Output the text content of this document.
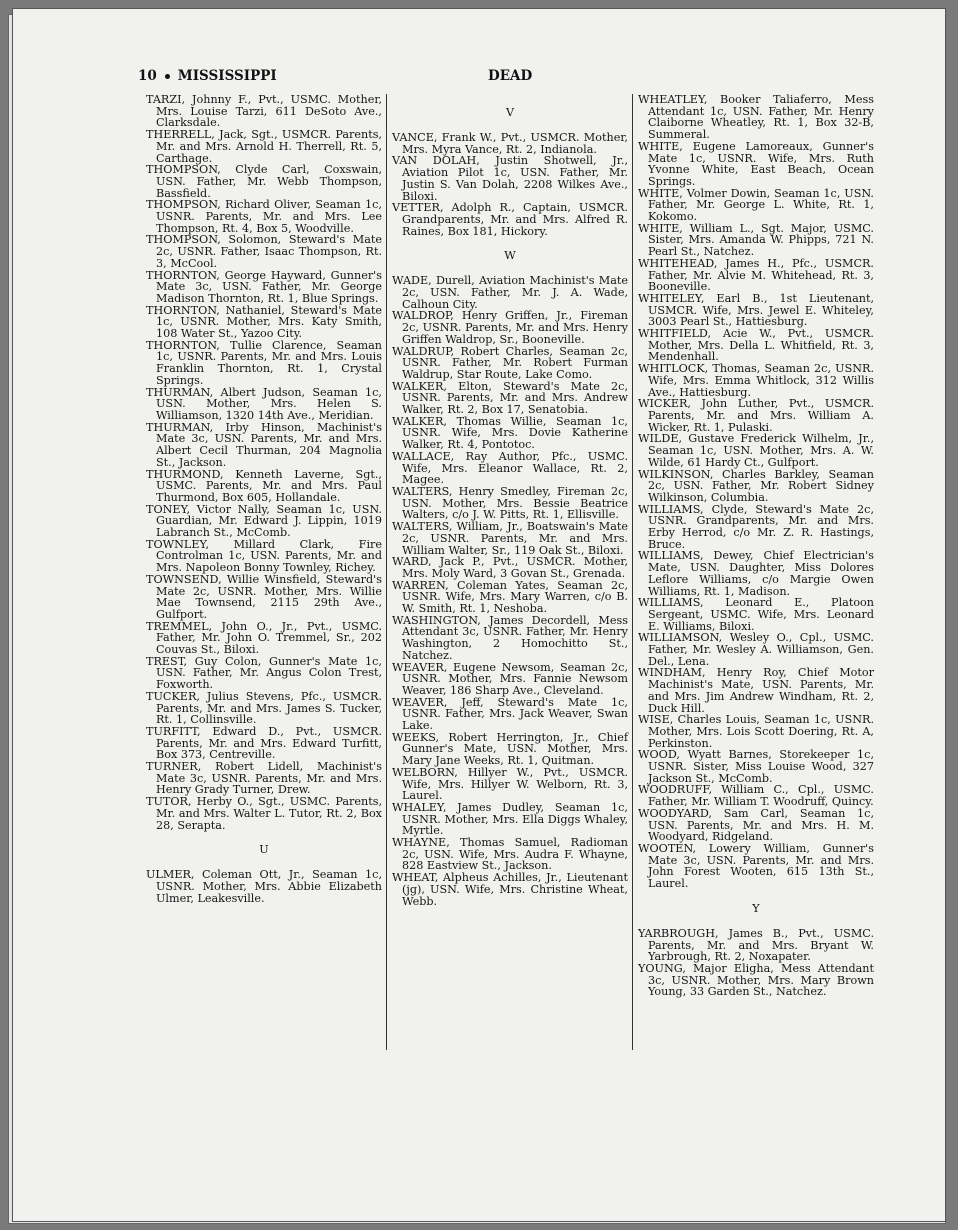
10 MISSISSIPPI	DEAD

TARZI, Johnny F., Pvt., USMC. Mother, Mrs. Louise Tarzi, 611 DeSoto Ave., Clarksdale.

THERRELL, Jack, Sgt., USMCR. Parents, Mr. and Mrs. Arnold H. Therrell, Rt. 5, Carthage.

THOMPSON, Clyde Carl, Coxswain, USN. Father, Mr. Webb Thompson, Bassfield.

THOMPSON, Richard Oliver, Seaman 1c, USNR. Parents, Mr. and Mrs. Lee Thompson, Rt. 4, Box 5, Woodville.

THOMPSON, Solomon, Steward's Mate 2c, USNR. Father, Isaac Thompson, Rt. 3, McCool.

THORNTON, George Hayward, Gunner's Mate 3c, USN. Father, Mr. George Madison Thornton, Rt. 1, Blue Springs.

THORNTON, Nathaniel, Steward's Mate 1c, USNR. Mother, Mrs. Katy Smith, 108 Water St., Yazoo City.

THORNTON, Tullie Clarence, Seaman 1c, USNR. Parents, Mr. and Mrs. Louis Franklin Thornton, Rt. 1, Crystal Springs.

THURMAN, Albert Judson, Seaman 1c, USN. Mother, Mrs. Helen S. Williamson, 1320 14th Ave., Meridian.

THURMAN, Irby Hinson, Machinist's Mate 3c, USN. Parents, Mr. and Mrs. Albert Cecil Thurman, 204 Magnolia St., Jackson.

THURMOND, Kenneth Laverne, Sgt., USMC. Parents, Mr. and Mrs. Paul Thurmond, Box 605, Hollandale.

TONEY, Victor Nally, Seaman 1c, USN. Guardian, Mr. Edward J. Lippin, 1019 Labranch St., McComb.

TOWNLEY, Millard Clark, Fire Controlman 1c, USN. Parents, Mr. and Mrs. Napoleon Bonny Townley, Richey.

TOWNSEND, Willie Winsfield, Steward's Mate 2c, USNR. Mother, Mrs. Willie Mae Townsend, 2115 29th Ave., Gulfport.

TREMMEL, John O., Jr., Pvt., USMC. Father, Mr. John O. Tremmel, Sr., 202 Couvas St., Biloxi.

TREST, Guy Colon, Gunner's Mate 1c, USN. Father, Mr. Angus Colon Trest, Foxworth.

TUCKER, Julius Stevens, Pfc., USMCR. Parents, Mr. and Mrs. James S. Tucker, Rt. 1, Collinsville.

TURFITT, Edward D., Pvt., USMCR. Parents, Mr. and Mrs. Edward Turfitt, Box 373, Centreville.

TURNER, Robert Lidell, Machinist's Mate 3c, USNR. Parents, Mr. and Mrs. Henry Grady Turner, Drew.

TUTOR, Herby O., Sgt., USMC. Parents, Mr. and Mrs. Walter L. Tutor, Rt. 2, Box 28, Serapta.

U

ULMER, Coleman Ott, Jr., Seaman 1c, USNR. Mother, Mrs. Abbie Elizabeth Ulmer, Leakesville.

V

VANCE, Frank W., Pvt., USMCR. Mother, Mrs. Myra Vance, Rt. 2, Indianola.

VAN DOLAH, Justin Shotwell, Jr., Aviation Pilot 1c, USN. Father, Mr. Justin S. Van Dolah, 2208 Wilkes Ave., Biloxi.

VETTER, Adolph R., Captain, USMCR. Grandparents, Mr. and Mrs. Alfred R. Raines, Box 181, Hickory.

W

WADE, Durell, Aviation Machinist's Mate 2c, USN. Father, Mr. J. A. Wade, Calhoun City.

WALDROP, Henry Griffen, Jr., Fireman 2c, USNR. Parents, Mr. and Mrs. Henry Griffen Waldrop, Sr., Booneville.

WALDRUP, Robert Charles, Seaman 2c, USNR. Father, Mr. Robert Furman Waldrup, Star Route, Lake Como.

WALKER, Elton, Steward's Mate 2c, USNR. Parents, Mr. and Mrs. Andrew Walker, Rt. 2, Box 17, Senatobia.

WALKER, Thomas Willie, Seaman 1c, USNR. Wife, Mrs. Dovie Katherine Walker, Rt. 4, Pontotoc.

WALLACE, Ray Author, Pfc., USMC. Wife, Mrs. Eleanor Wallace, Rt. 2, Magee.

WALTERS, Henry Smedley, Fireman 2c, USN. Mother, Mrs. Bessie Beatrice Walters, c/o J. W. Pitts, Rt. 1, Ellisville.

WALTERS, William, Jr., Boatswain's Mate 2c, USNR. Parents, Mr. and Mrs. William Walter, Sr., 119 Oak St., Biloxi.

WARD, Jack P., Pvt., USMCR. Mother, Mrs. Moly Ward, 3 Govan St., Grenada.

WARREN, Coleman Yates, Seaman 2c, USNR. Wife, Mrs. Mary Warren, c/o B. W. Smith, Rt. 1, Neshoba.

WASHINGTON, James Decordell, Mess Attendant 3c, USNR. Father, Mr. Henry Washington, 2 Homochitto St., Natchez.

WEAVER, Eugene Newsom, Seaman 2c, USNR. Mother, Mrs. Fannie Newsom Weaver, 186 Sharp Ave., Cleveland.

WEAVER, Jeff, Steward's Mate 1c, USNR. Father, Mrs. Jack Weaver, Swan Lake.

WEEKS, Robert Herrington, Jr., Chief Gunner's Mate, USN. Mother, Mrs. Mary Jane Weeks, Rt. 1, Quitman.

WELBORN, Hillyer W., Pvt., USMCR. Wife, Mrs. Hillyer W. Welborn, Rt. 3, Laurel.

WHALEY, James Dudley, Seaman 1c, USNR. Mother, Mrs. Ella Diggs Whaley, Myrtle.

WHAYNE, Thomas Samuel, Radioman 2c, USN. Wife, Mrs. Audra F. Whayne, 828 Eastview St., Jackson.

WHEAT, Alpheus Achilles, Jr., Lieutenant (jg), USN. Wife, Mrs. Christine Wheat, Webb.

WHEATLEY, Booker Taliaferro, Mess Attendant 1c, USN. Father, Mr. Henry Claiborne Wheatley, Rt. 1, Box 32-B, Summeral.

WHITE, Eugene Lamoreaux, Gunner's Mate 1c, USNR. Wife, Mrs. Ruth Yvonne White, East Beach, Ocean Springs.

WHITE, Volmer Dowin, Seaman 1c, USN. Father, Mr. George L. White, Rt. 1, Kokomo.

WHITE, William L., Sgt. Major, USMC. Sister, Mrs. Amanda W. Phipps, 721 N. Pearl St., Natchez.

WHITEHEAD, James H., Pfc., USMCR. Father, Mr. Alvie M. Whitehead, Rt. 3, Booneville.

WHITELEY, Earl B., 1st Lieutenant, USMCR. Wife, Mrs. Jewel E. Whiteley, 3003 Pearl St., Hattiesburg.

WHITFIELD, Acie W., Pvt., USMCR. Mother, Mrs. Della L. Whitfield, Rt. 3, Mendenhall.

WHITLOCK, Thomas, Seaman 2c, USNR. Wife, Mrs. Emma Whitlock, 312 Willis Ave., Hattiesburg.

WICKER, John Luther, Pvt., USMCR. Parents, Mr. and Mrs. William A. Wicker, Rt. 1, Pulaski.

WILDE, Gustave Frederick Wilhelm, Jr., Seaman 1c, USN. Mother, Mrs. A. W. Wilde, 61 Hardy Ct., Gulfport.

WILKINSON, Charles Barkley, Seaman 2c, USN. Father, Mr. Robert Sidney Wilkinson, Columbia.

WILLIAMS, Clyde, Steward's Mate 2c, USNR. Grandparents, Mr. and Mrs. Erby Herrod, c/o Mr. Z. R. Hastings, Bruce.

WILLIAMS, Dewey, Chief Electrician's Mate, USN. Daughter, Miss Dolores Leflore Williams, c/o Margie Owen Williams, Rt. 1, Madison.

WILLIAMS, Leonard E., Platoon Sergeant, USMC. Wife, Mrs. Leonard E. Williams, Biloxi.

WILLIAMSON, Wesley O., Cpl., USMC. Father, Mr. Wesley A. Williamson, Gen. Del., Lena.

WINDHAM, Henry Roy, Chief Motor Machinist's Mate, USN. Parents, Mr. and Mrs. Jim Andrew Windham, Rt. 2, Duck Hill.

WISE, Charles Louis, Seaman 1c, USNR. Mother, Mrs. Lois Scott Doering, Rt. A, Perkinston.

WOOD, Wyatt Barnes, Storekeeper 1c, USNR. Sister, Miss Louise Wood, 327 Jackson St., McComb.

WOODRUFF, William C., Cpl., USMC. Father, Mr. William T. Woodruff, Quincy.

WOODYARD, Sam Carl, Seaman 1c, USN. Parents, Mr. and Mrs. H. M. Woodyard, Ridgeland.

WOOTEN, Lowery William, Gunner's Mate 3c, USN. Parents, Mr. and Mrs. John Forest Wooten, 615 13th St., Laurel.

Y

YARBROUGH, James B., Pvt., USMC. Parents, Mr. and Mrs. Bryant W. Yarbrough, Rt. 2, Noxapater.

YOUNG, Major Eligha, Mess Attendant 3c, USNR. Mother, Mrs. Mary Brown Young, 33 Garden St., Natchez.
